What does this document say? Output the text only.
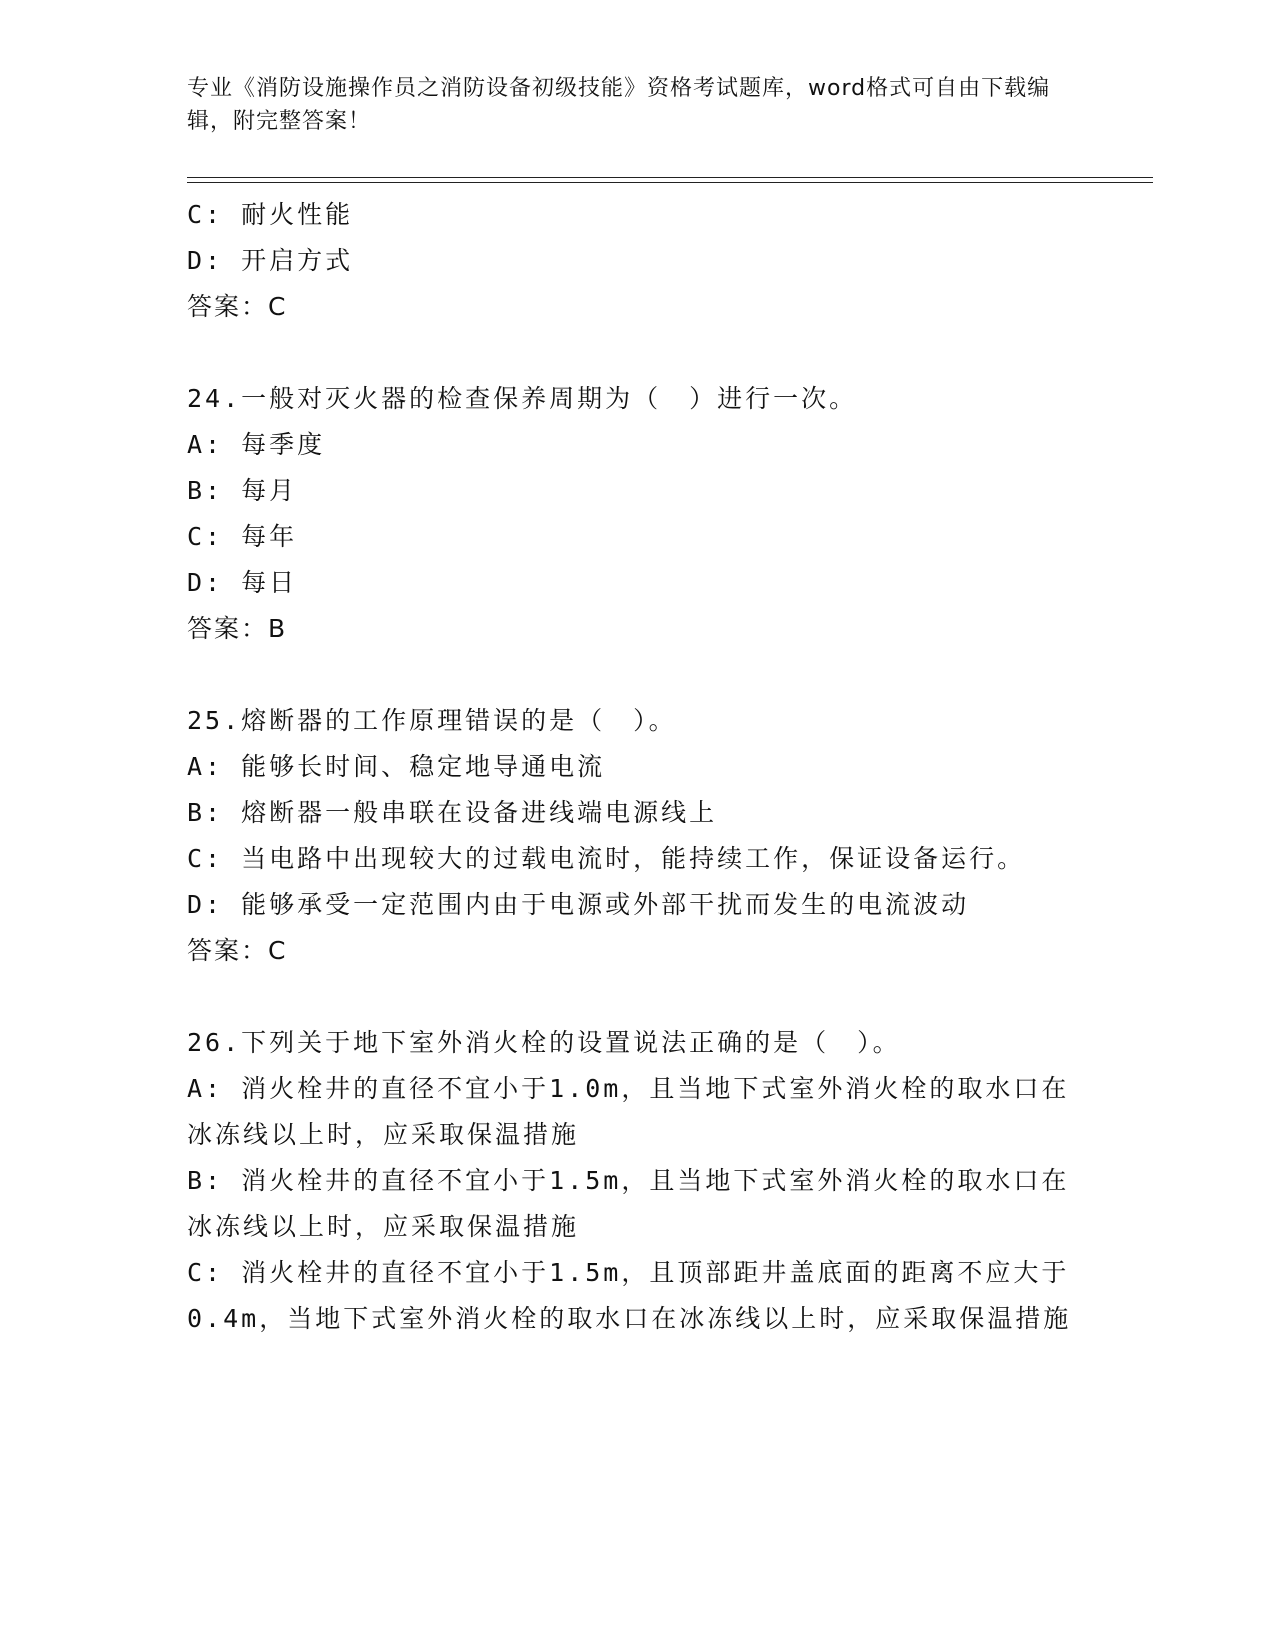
专业《消防设施操作员之消防设备初级技能》资格考试题库，word格式可自由下载编辑，附完整答案！

C: 耐火性能

D: 开启方式

答案：C

24.一般对灭火器的检查保养周期为（　）进行一次。

A: 每季度

B: 每月

C: 每年

D: 每日

答案：B

25.熔断器的工作原理错误的是（　）。

A: 能够长时间、稳定地导通电流

B: 熔断器一般串联在设备进线端电源线上

C: 当电路中出现较大的过载电流时，能持续工作，保证设备运行。

D: 能够承受一定范围内由于电源或外部干扰而发生的电流波动

答案：C

26.下列关于地下室外消火栓的设置说法正确的是（　）。

A: 消火栓井的直径不宜小于1.0m，且当地下式室外消火栓的取水口在冰冻线以上时，应采取保温措施

B: 消火栓井的直径不宜小于1.5m，且当地下式室外消火栓的取水口在冰冻线以上时，应采取保温措施

C: 消火栓井的直径不宜小于1.5m，且顶部距井盖底面的距离不应大于0.4m，当地下式室外消火栓的取水口在冰冻线以上时，应采取保温措施
